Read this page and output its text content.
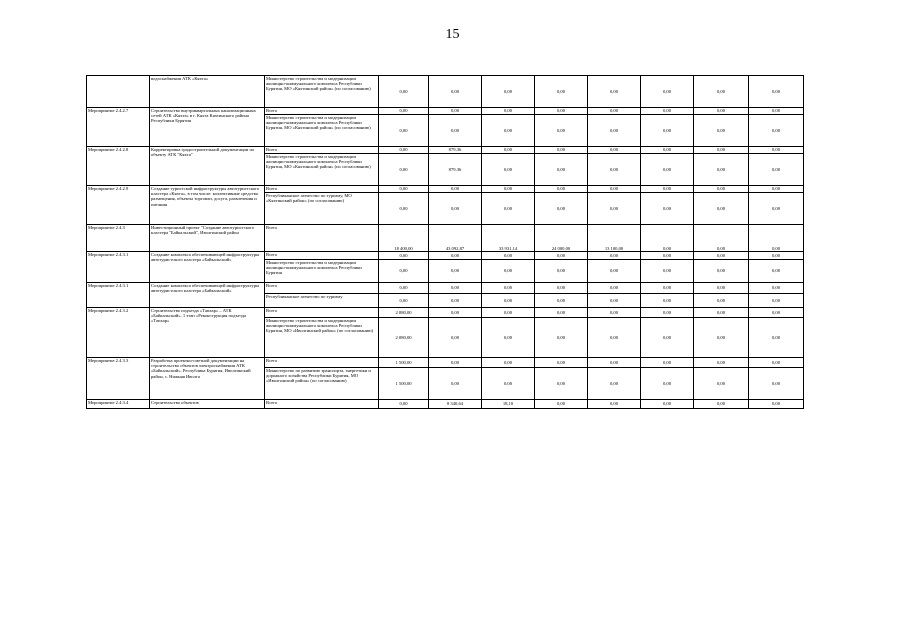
15
	водоснабжения АТК «Кяхта»	Министерство строительства и модернизации жилищно-коммунального комплекса Республики Бурятия, МО «Кяхтинский район» (по согласованию)	0,00	0,00	0,00	0,00	0,00	0,00	0,00	0,00
Мероприятие 2.4.2.7	Строительство внутриквартальных канализационных сетей АТК «Кяхта» в г. Кяхта Кяхтинского района Республики Бурятия	Всего	0,00	0,00	0,00	0,00	0,00	0,00	0,00	0,00
		Министерство строительства и модернизации жилищно-коммунального комплекса Республики Бурятия, МО «Кяхтинский район» (по согласованию)	0,00	0,00	0,00	0,00	0,00	0,00	0,00	0,00
Мероприятие 2.4.2.8	Корректировка градостроительной документации по объекту АТК "Кяхта"	Всего	0,00	879,36	0,00	0,00	0,00	0,00	0,00	0,00
		Министерство строительства и модернизации жилищно-коммунального комплекса Республики Бурятия, МО «Кяхтинский район» (по согласованию)	0,00	879,36	0,00	0,00	0,00	0,00	0,00	0,00
Мероприятие 2.4.2.9	Создание туристской инфраструктуры автотуристского кластера «Кяхта», в том числе: коллективные средства размещения, объекты торговли, досуга, развлечения и питания	Всего	0,00	0,00	0,00	0,00	0,00	0,00	0,00	0,00
		Республиканское агентство по туризму, МО «Кяхтинский район» (по согласованию)	0,00	0,00	0,00	0,00	0,00	0,00	0,00	0,00
Мероприятие 2.4.3	Инвестиционный проект "Создание автотуристского кластера "Байкальский", Иволгинский район	Всего	18 400,00	43 092,87	33 931,14	24 000,00	13 100,00	0,00	0,00	0,00
Мероприятие 2.4.3.1	Создание комплекса обеспечивающей инфраструктуры автотуристского кластера «Байкальский»	Всего	0,00	0,00	0,00	0,00	0,00	0,00	0,00	0,00
		Министерство строительства и модернизации жилищно-коммунального комплекса Республики Бурятия	0,00	0,00	0,00	0,00	0,00	0,00	0,00	0,00
Мероприятие 2.4.3.1	Создание комплекса обеспечивающей инфраструктуры автотуристского кластера «Байкальский»	Всего	0,00	0,00	0,00	0,00	0,00	0,00	0,00	0,00
		Республиканское агентство по туризму	0,00	0,00	0,00	0,00	0,00	0,00	0,00	0,00
Мероприятие 2.4.3.2	Строительство подъезда «Тапхар» – АТК «Байкальский», 1 этап «Реконструкция подъезда «Тапхар»	Всего	2 080,00	0,00	0,00	0,00	0,00	0,00	0,00	0,00
		Министерство строительства и модернизации жилищно-коммунального комплекса Республики Бурятия, МО «Иволгинский район» (по согласованию)	2 080,00	0,00	0,00	0,00	0,00	0,00	0,00	0,00
Мероприятие 2.4.3.3	Разработка проектно-сметной документации на строительство объектов электроснабжения АТК «Байкальский», Республика Бурятия, Иволгинский район, с. Нижняя Иволга	Всего	1 500,00	0,00	0,00	0,00	0,00	0,00	0,00	0,00
		Министерство по развитию транспорта, энергетики и дорожного хозяйства Республики Бурятия, МО «Иволгинский район» (по согласованию)	1 500,00	0,00	0,00	0,00	0,00	0,00	0,00	0,00
Мероприятие 2.4.3.4	Строительство объектов	Всего	0,00	8 340,64	18,10	0,00	0,00	0,00	0,00	0,00
